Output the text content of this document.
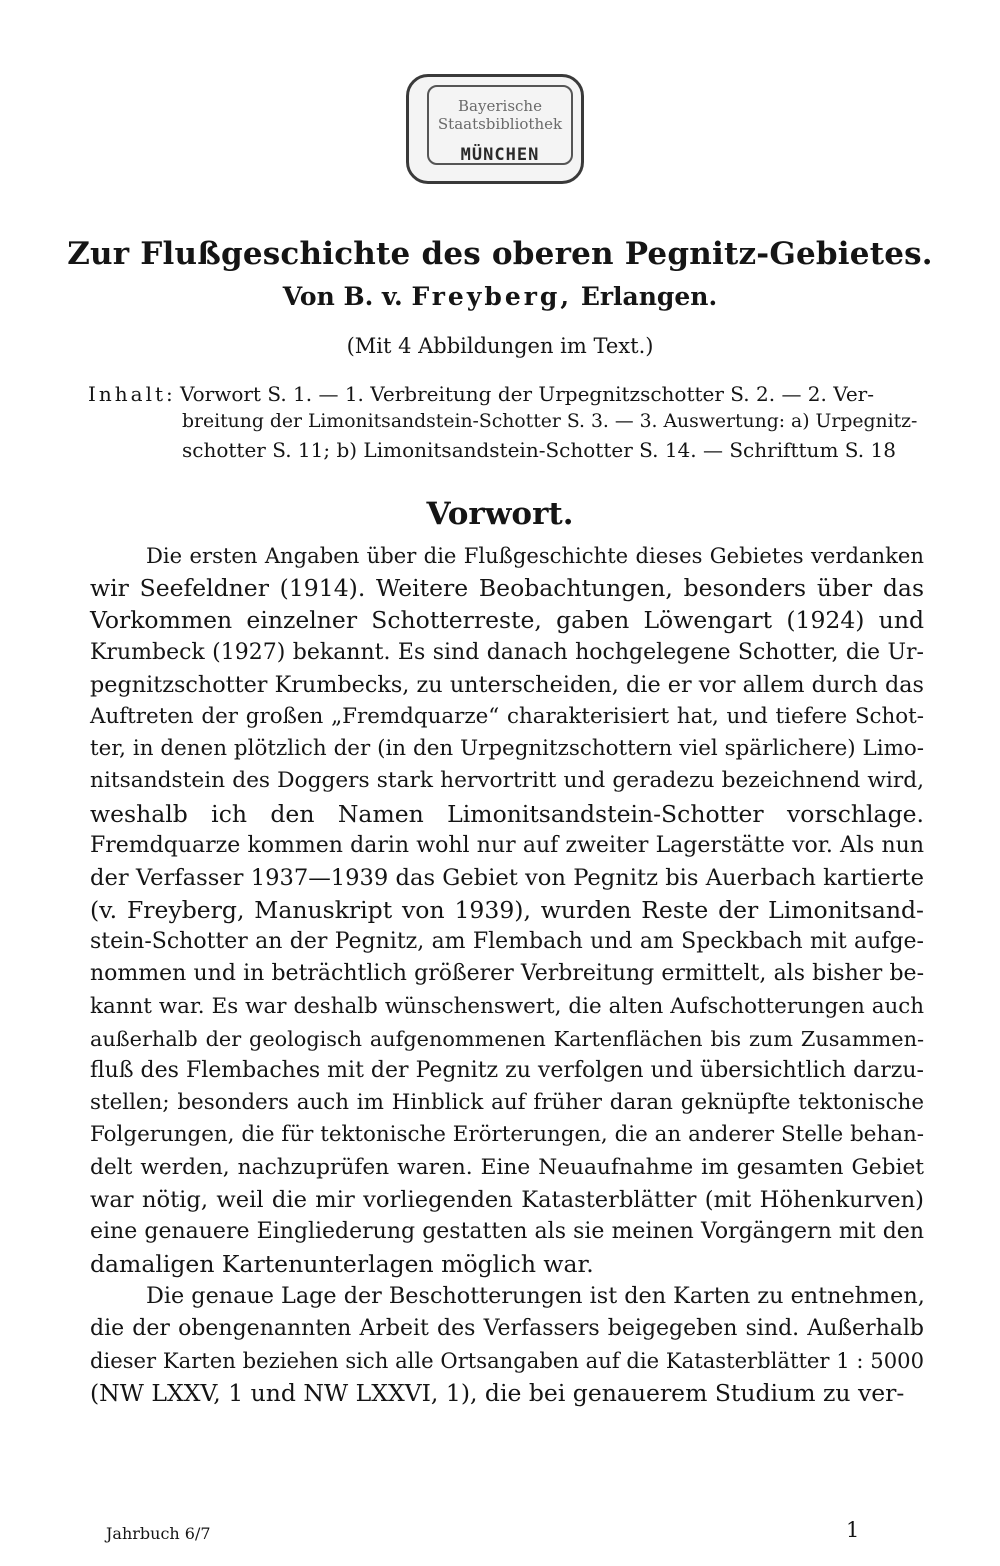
Bayerische
Staatsbibliothek
MÜNCHEN
Zur Flußgeschichte des oberen Pegnitz-Gebietes.
Von B. v. Freyberg, Erlangen.
(Mit 4 Abbildungen im Text.)
Inhalt: Vorwort S. 1. — 1. Verbreitung der Urpegnitzschotter S. 2. — 2. Ver-
breitung der Limonitsandstein-Schotter S. 3. — 3. Auswertung: a) Urpegnitz-
schotter S. 11; b) Limonitsandstein-Schotter S. 14. — Schrifttum S. 18
Vorwort.
Die ersten Angaben über die Flußgeschichte dieses Gebietes verdanken
wir Seefeldner (1914). Weitere Beobachtungen, besonders über das
Vorkommen einzelner Schotterreste, gaben Löwengart (1924) und
Krumbeck (1927) bekannt. Es sind danach hochgelegene Schotter, die Ur-
pegnitzschotter Krumbecks, zu unterscheiden, die er vor allem durch das
Auftreten der großen „Fremdquarze“ charakterisiert hat, und tiefere Schot-
ter, in denen plötzlich der (in den Urpegnitzschottern viel spärlichere) Limo-
nitsandstein des Doggers stark hervortritt und geradezu bezeichnend wird,
weshalb ich den Namen Limonitsandstein-Schotter vorschlage.
Fremdquarze kommen darin wohl nur auf zweiter Lagerstätte vor. Als nun
der Verfasser 1937—1939 das Gebiet von Pegnitz bis Auerbach kartierte
(v. Freyberg, Manuskript von 1939), wurden Reste der Limonitsand-
stein-Schotter an der Pegnitz, am Flembach und am Speckbach mit aufge-
nommen und in beträchtlich größerer Verbreitung ermittelt, als bisher be-
kannt war. Es war deshalb wünschenswert, die alten Aufschotterungen auch
außerhalb der geologisch aufgenommenen Kartenflächen bis zum Zusammen-
fluß des Flembaches mit der Pegnitz zu verfolgen und übersichtlich darzu-
stellen; besonders auch im Hinblick auf früher daran geknüpfte tektonische
Folgerungen, die für tektonische Erörterungen, die an anderer Stelle behan-
delt werden, nachzuprüfen waren. Eine Neuaufnahme im gesamten Gebiet
war nötig, weil die mir vorliegenden Katasterblätter (mit Höhenkurven)
eine genauere Eingliederung gestatten als sie meinen Vorgängern mit den
damaligen Kartenunterlagen möglich war.
Die genaue Lage der Beschotterungen ist den Karten zu entnehmen,
die der obengenannten Arbeit des Verfassers beigegeben sind. Außerhalb
dieser Karten beziehen sich alle Ortsangaben auf die Katasterblätter 1 : 5000
(NW LXXV, 1 und NW LXXVI, 1), die bei genauerem Studium zu ver-
Jahrbuch 6/7	1
